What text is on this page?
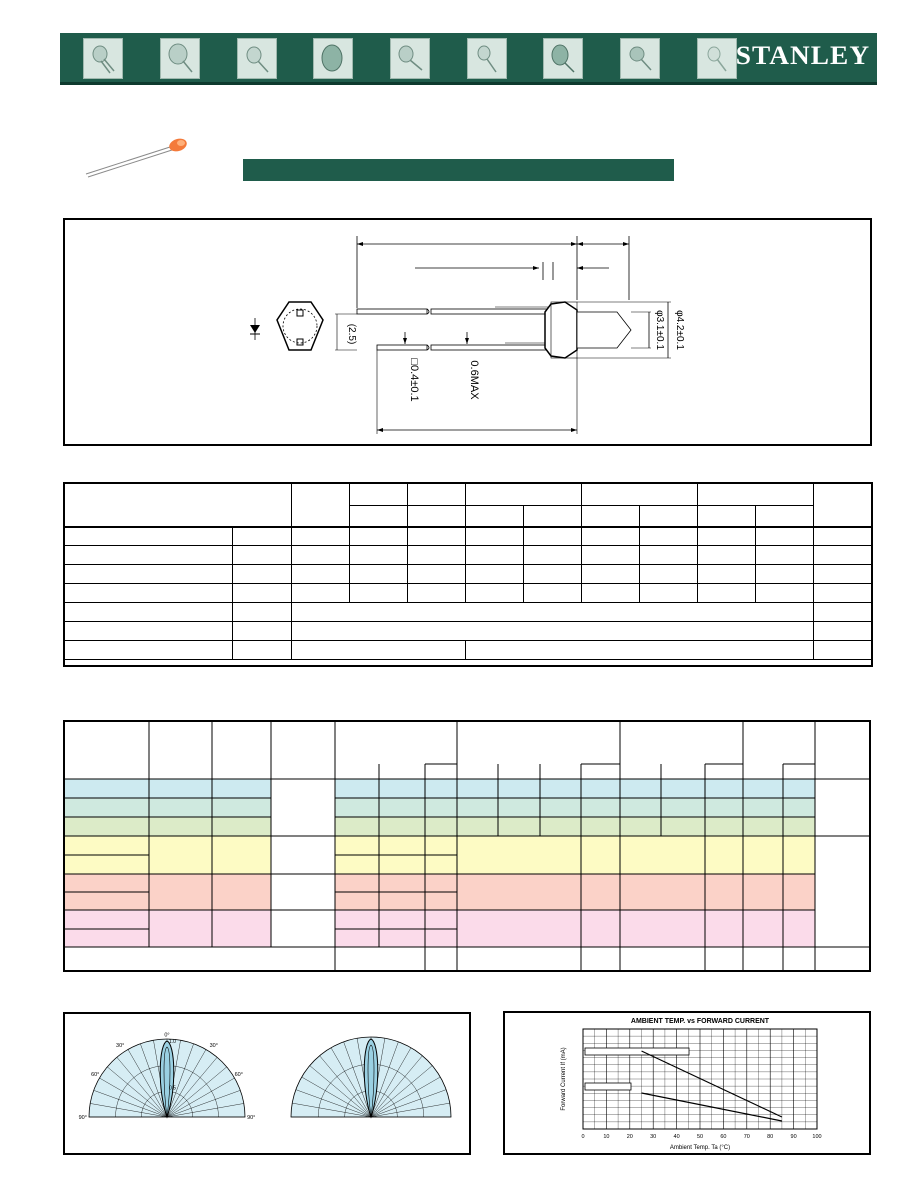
STANLEY
(2.5)
□0.4±0.1	0.6MAX
φ3.1±0.1 φ4.2±0.1

0°
30°	30°
60°	60°
90°	90°
0.5
1.0
AMBIENT TEMP. vs FORWARD CURRENT
0	10	20	30	40	50	60	70	80	90	100
Ambient Temp. Ta (°C)
Forward Current If (mA)
